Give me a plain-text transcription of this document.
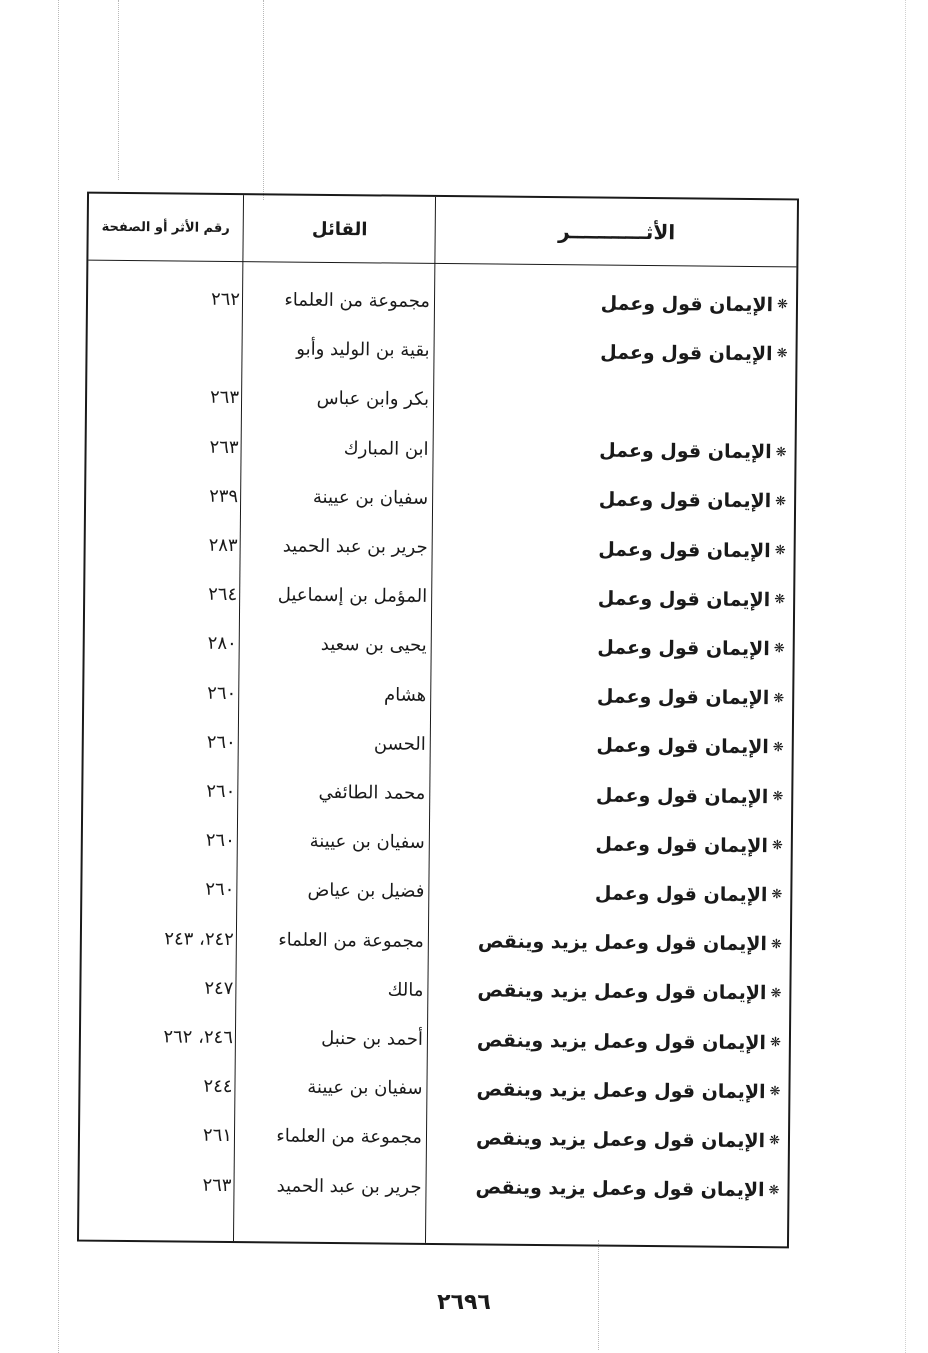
الأثـــــــــــر
القائل
رقم الأثر أو الصفحة
❋
الإيمان قول وعمل
مجموعة من العلماء
٢٦٢
❋
الإيمان قول وعمل
بقية بن الوليد وأبو
بكر وابن عباس
٢٦٣
❋
الإيمان قول وعمل
ابن المبارك
٢٦٣
❋
الإيمان قول وعمل
سفيان بن عيينة
٢٣٩
❋
الإيمان قول وعمل
جرير بن عبد الحميد
٢٨٣
❋
الإيمان قول وعمل
المؤمل بن إسماعيل
٢٦٤
❋
الإيمان قول وعمل
يحيى بن سعيد
٢٨٠
❋
الإيمان قول وعمل
هشام
٢٦٠
❋
الإيمان قول وعمل
الحسن
٢٦٠
❋
الإيمان قول وعمل
محمد الطائفي
٢٦٠
❋
الإيمان قول وعمل
سفيان بن عيينة
٢٦٠
❋
الإيمان قول وعمل
فضيل بن عياض
٢٦٠
❋
الإيمان قول وعمل يزيد وينقص
مجموعة من العلماء
٢٤٢، ٢٤٣
❋
الإيمان قول وعمل يزيد وينقص
مالك
٢٤٧
❋
الإيمان قول وعمل يزيد وينقص
أحمد بن حنبل
٢٤٦، ٢٦٢
❋
الإيمان قول وعمل يزيد وينقص
سفيان بن عيينة
٢٤٤
❋
الإيمان قول وعمل يزيد وينقص
مجموعة من العلماء
٢٦١
❋
الإيمان قول وعمل يزيد وينقص
جرير بن عبد الحميد
٢٦٣
٢٦٩٦
